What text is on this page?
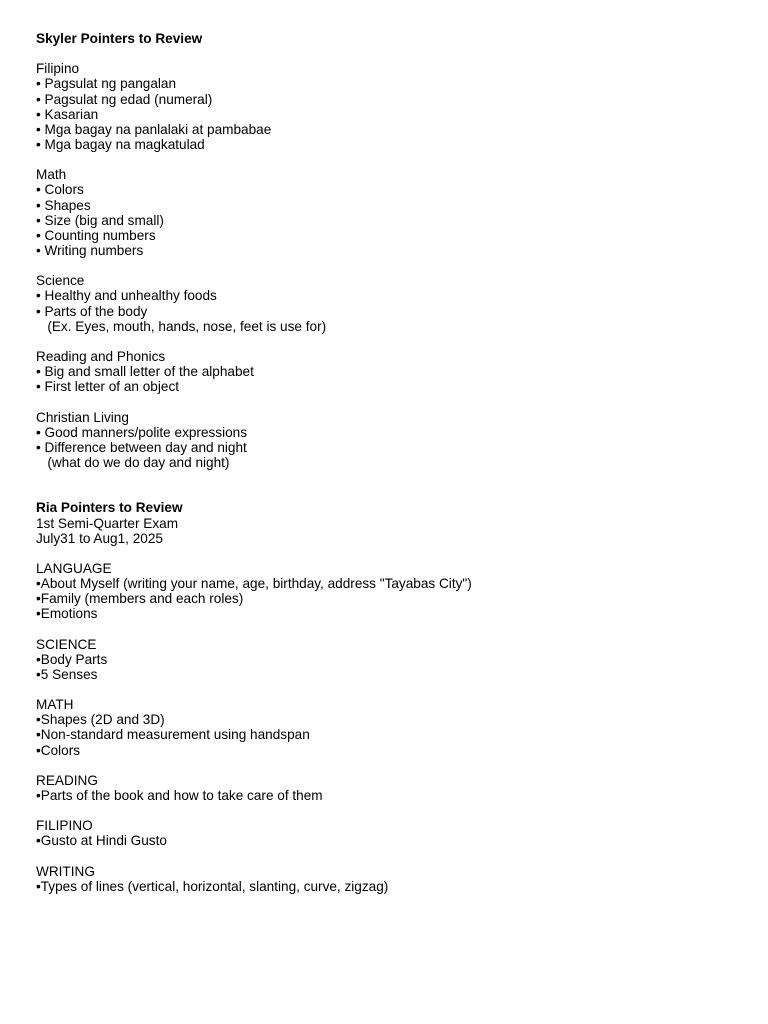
Skyler Pointers to Review

Filipino

• Pagsulat ng pangalan

• Pagsulat ng edad (numeral)

• Kasarian

• Mga bagay na panlalaki at pambabae

• Mga bagay na magkatulad

Math

• Colors

• Shapes

• Size (big and small)

• Counting numbers

• Writing numbers

Science

• Healthy and unhealthy foods

• Parts of the body

(Ex. Eyes, mouth, hands, nose, feet is use for)

Reading and Phonics

• Big and small letter of the alphabet

• First letter of an object

Christian Living

• Good manners/polite expressions

• Difference between day and night

(what do we do day and night)

Ria Pointers to Review

1st Semi-Quarter Exam

July31 to Aug1, 2025

LANGUAGE

•About Myself (writing your name, age, birthday, address "Tayabas City")

•Family (members and each roles)

•Emotions

SCIENCE

•Body Parts

•5 Senses

MATH

•Shapes (2D and 3D)

•Non-standard measurement using handspan

•Colors

READING

•Parts of the book and how to take care of them

FILIPINO

•Gusto at Hindi Gusto

WRITING

•Types of lines (vertical, horizontal, slanting, curve, zigzag)
